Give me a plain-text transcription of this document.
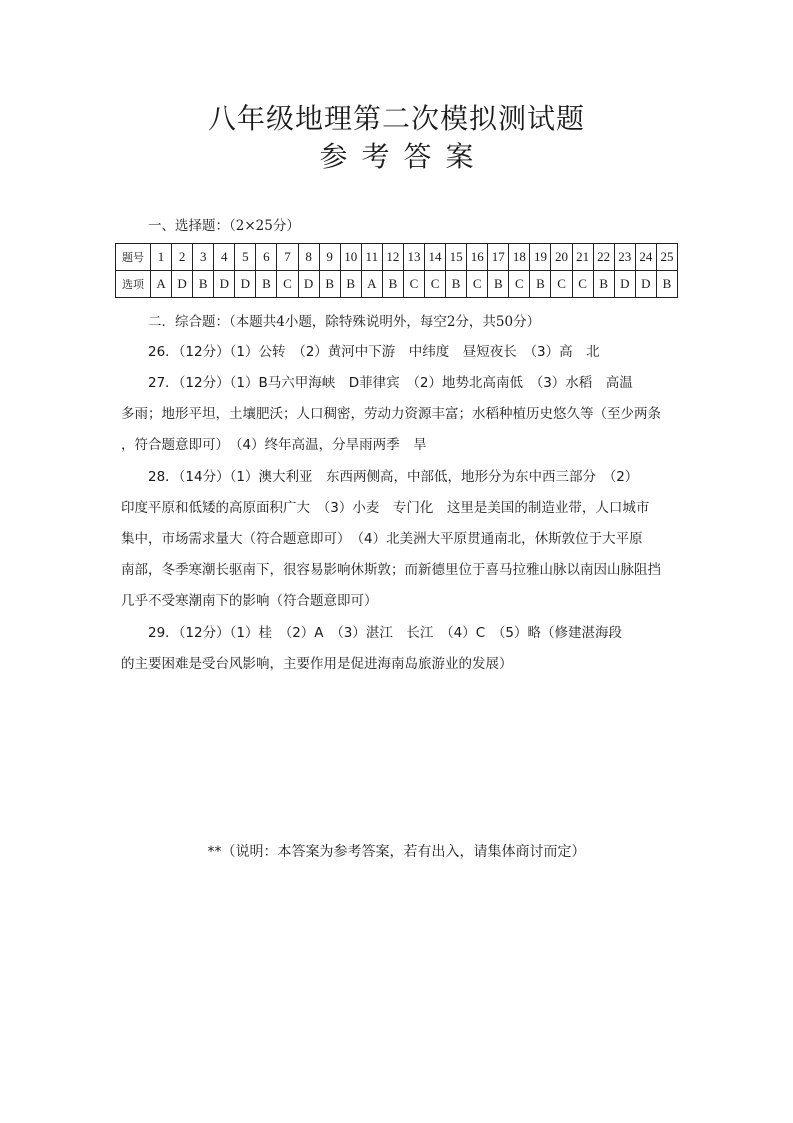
八年级地理第二次模拟测试题
参考答案
一、选择题：（2×25分）
题号	1	2	3	4	5	6	7	8	9	10	11	12	13	14	15	16	17	18	19	20	21	22	23	24	25
选项	A	D	B	D	D	B	C	D	B	B	A	B	C	C	B	C	B	C	B	C	C	B	D	D	B
二．综合题：（本题共4小题，除特殊说明外，每空2分，共50分）
26．（12分）（1）公转　（2）黄河中下游　中纬度　昼短夜长　（3）高　北
27．（12分）（1）B马六甲海峡　D菲律宾　（2）地势北高南低　（3）水稻　高温
多雨；地形平坦，土壤肥沃；人口稠密，劳动力资源丰富；水稻种植历史悠久等（至少两条
，符合题意即可）　（4）终年高温，分旱雨两季　旱
28．（14分）（1）澳大利亚　东西两侧高，中部低，地形分为东中西三部分　（2）
印度平原和低矮的高原面积广大　（3）小麦　专门化　这里是美国的制造业带，人口城市
集中，市场需求量大（符合题意即可）　（4）北美洲大平原贯通南北，休斯敦位于大平原
南部，冬季寒潮长驱南下，很容易影响休斯敦；而新德里位于喜马拉雅山脉以南因山脉阻挡
几乎不受寒潮南下的影响（符合题意即可）
29．（12分）（1）桂　（2）A　（3）湛江　长江　（4）C　（5）略（修建湛海段
的主要困难是受台风影响，主要作用是促进海南岛旅游业的发展）
**（说明：本答案为参考答案，若有出入，请集体商讨而定）
